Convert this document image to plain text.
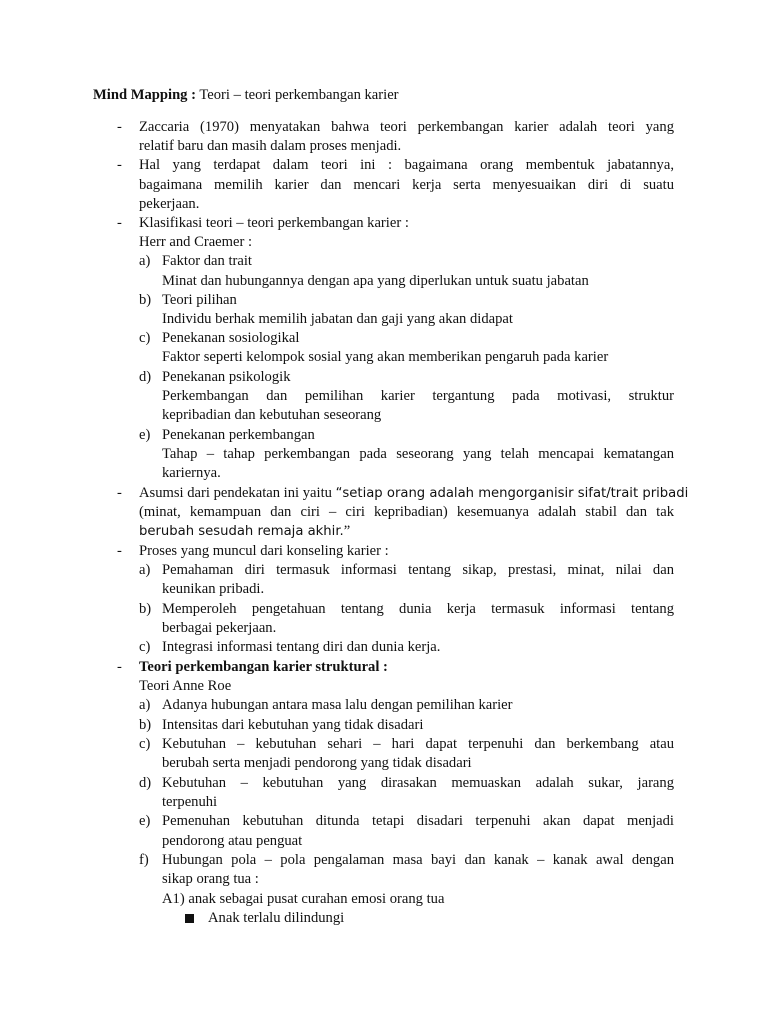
Mind Mapping : Teori – teori perkembangan karier
-	Zaccaria (1970) menyatakan bahwa teori perkembangan karier adalah teori yang
relatif baru dan masih dalam proses menjadi.
-	Hal yang terdapat dalam teori ini : bagaimana orang membentuk jabatannya,
bagaimana memilih karier dan mencari kerja serta menyesuaikan diri di suatu
pekerjaan.
-	Klasifikasi teori – teori perkembangan karier :
Herr and Craemer :
a) Faktor dan trait
Minat dan hubungannya dengan apa yang diperlukan untuk suatu jabatan
b) Teori pilihan
Individu berhak memilih jabatan dan gaji yang akan didapat
c) Penekanan sosiologikal
Faktor seperti kelompok sosial yang akan memberikan pengaruh pada karier
d) Penekanan psikologik
Perkembangan dan pemilihan karier tergantung pada motivasi, struktur
kepribadian dan kebutuhan seseorang
e) Penekanan perkembangan
Tahap – tahap perkembangan pada seseorang yang telah mencapai kematangan
kariernya.
-	Asumsi dari pendekatan ini yaitu “setiap orang adalah mengorganisir sifat/trait pribadi
(minat, kemampuan dan ciri – ciri kepribadian) kesemuanya adalah stabil dan tak
berubah sesudah remaja akhir.”
-	Proses yang muncul dari konseling karier :
a) Pemahaman diri termasuk informasi tentang sikap, prestasi, minat, nilai dan
keunikan pribadi.
b) Memperoleh pengetahuan tentang dunia kerja termasuk informasi tentang
berbagai pekerjaan.
c) Integrasi informasi tentang diri dan dunia kerja.
-	Teori perkembangan karier struktural :
Teori Anne Roe
a) Adanya hubungan antara masa lalu dengan pemilihan karier
b) Intensitas dari kebutuhan yang tidak disadari
c) Kebutuhan – kebutuhan sehari – hari dapat terpenuhi dan berkembang atau
berubah serta menjadi pendorong yang tidak disadari
d) Kebutuhan – kebutuhan yang dirasakan memuaskan adalah sukar, jarang
terpenuhi
e) Pemenuhan kebutuhan ditunda tetapi disadari terpenuhi akan dapat menjadi
pendorong atau penguat
f) Hubungan pola – pola pengalaman masa bayi dan kanak – kanak awal dengan
sikap orang tua :
A1) anak sebagai pusat curahan emosi orang tua
Anak terlalu dilindungi
